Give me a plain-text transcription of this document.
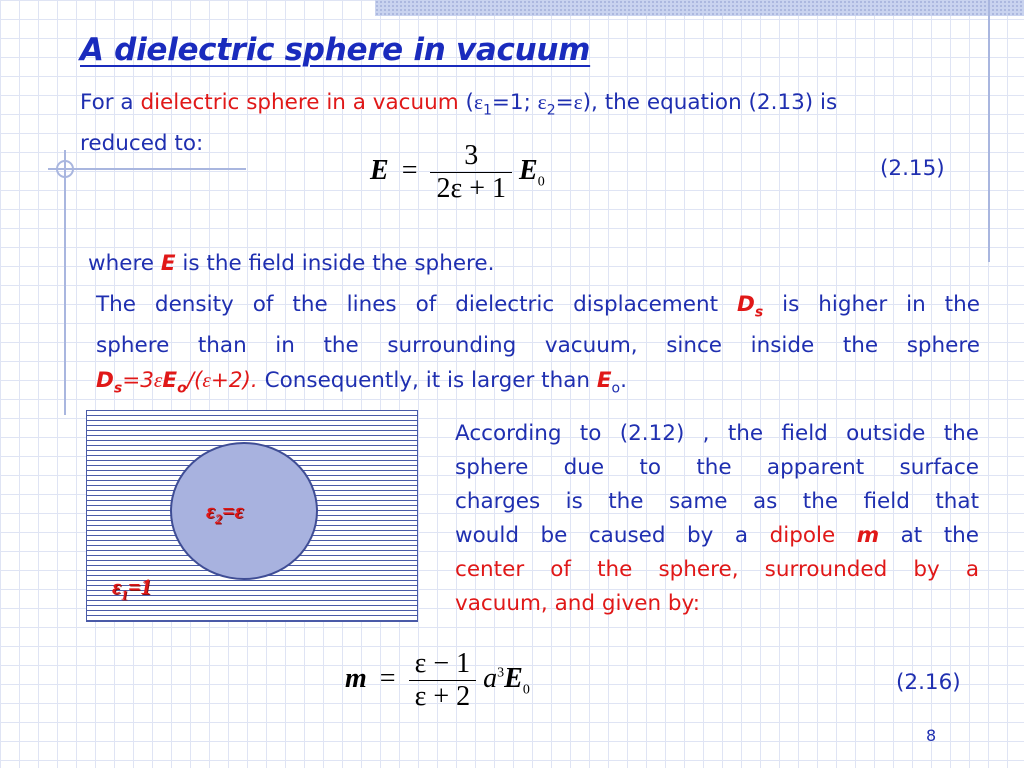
A dielectric sphere in vacuum
For a dielectric sphere in a vacuum ($\varepsilon_1=1$; $\varepsilon_2=\varepsilon$), the equation (2.13) is
reduced to:
$E = \frac{3}{2\varepsilon + 1} E_0$
(2.15)
where E is the field inside the sphere.
The density of the lines of dielectric displacement $D_s$ is higher in the
sphere than in the surrounding vacuum, since inside the sphere
$D_s=3\varepsilon E_o/(\varepsilon+2)$. Consequently, it is larger than $E_o$.
$\varepsilon_2=\varepsilon$
$\varepsilon_1=1$
According to (2.12) , the field outside the
sphere due to the apparent surface
charges is the same as the field that
would be caused by a dipole m at the
center of the sphere, surrounded by a
vacuum, and given by:
$m = \frac{\varepsilon - 1}{\varepsilon + 2} a^3E_0$	(2.16)
8
